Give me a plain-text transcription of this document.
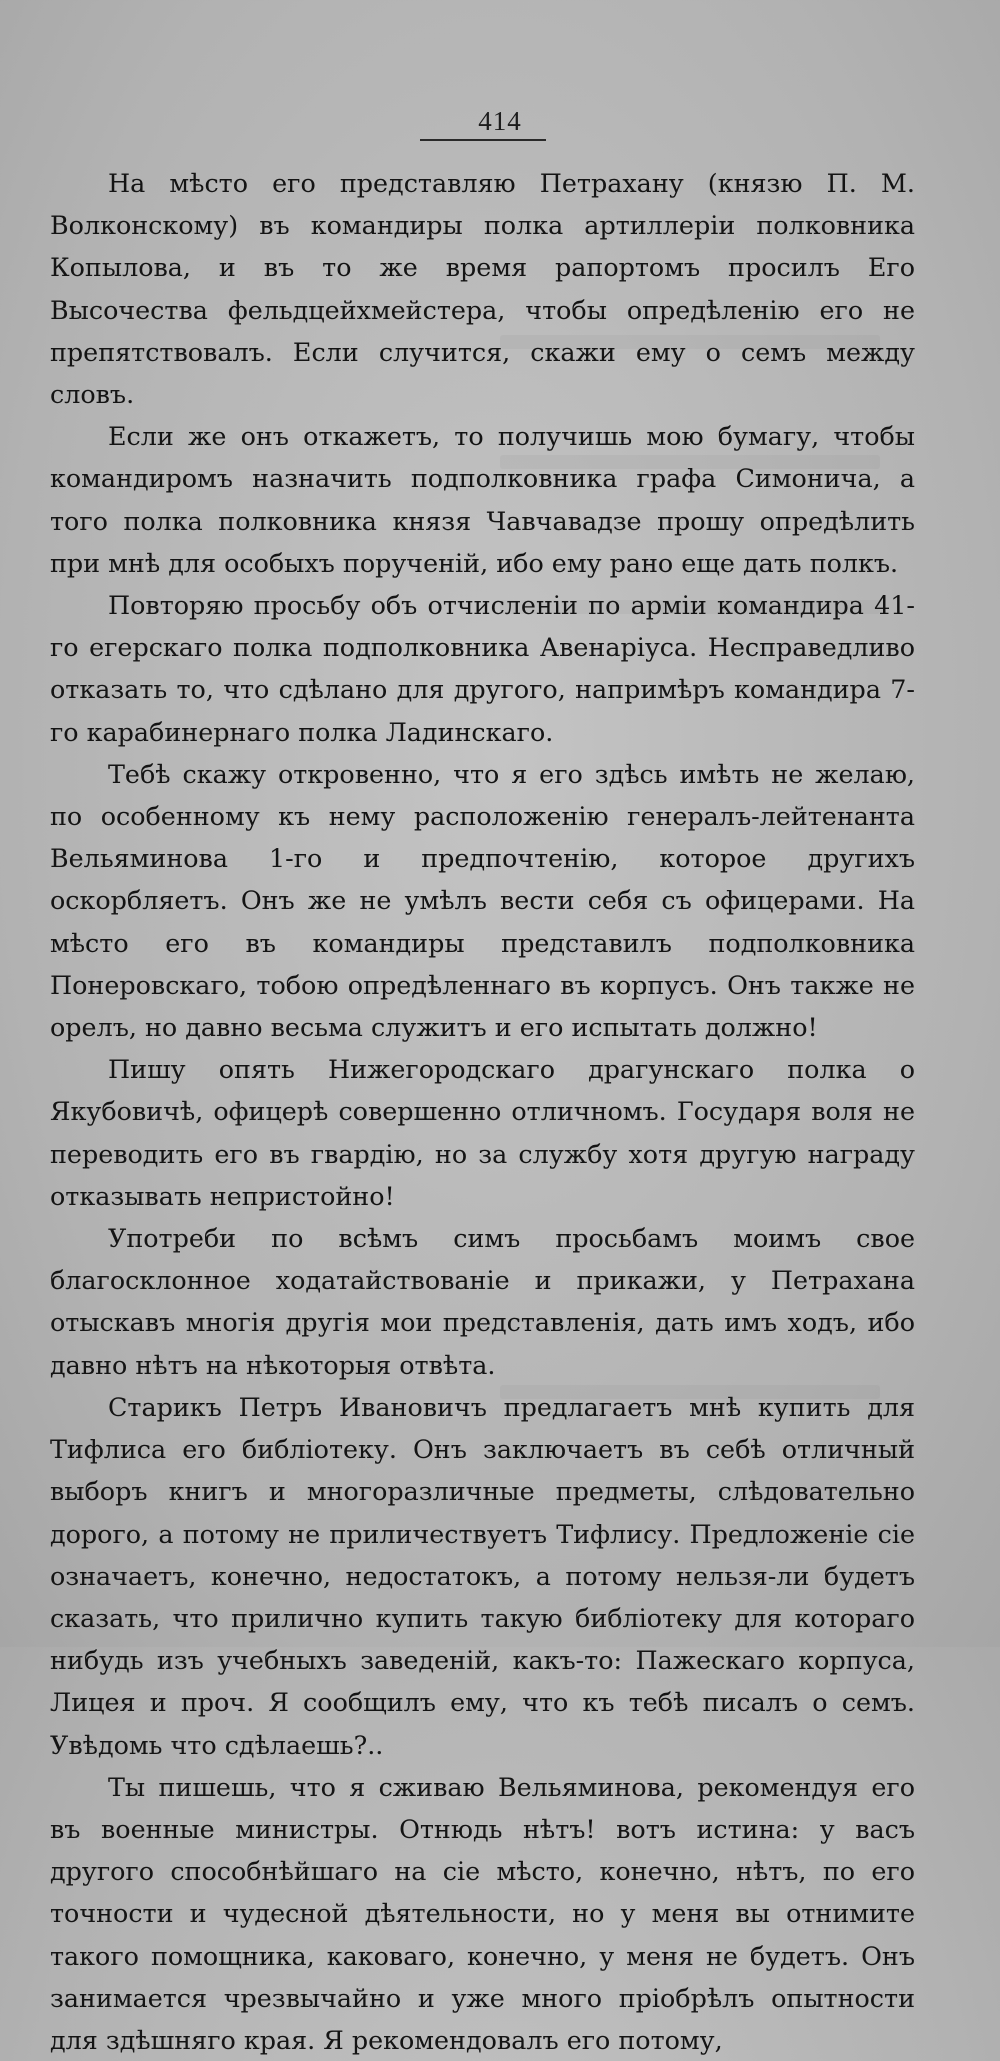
414

На мѣсто его представляю Петрахану (князю П. М. Волконскому) въ командиры полка артиллеріи полковника Копылова, и въ то же время рапортомъ просилъ Его Высочества фельдцейхмейстера, чтобы опредѣленію его не препятствовалъ. Если случится, скажи ему о семъ между словъ.

Если же онъ откажетъ, то получишь мою бумагу, чтобы командиромъ назначить подполковника графа Симонича, а того полка полковника князя Чавчавадзе прошу опредѣлить при мнѣ для особыхъ порученій, ибо ему рано еще дать полкъ.

Повторяю просьбу объ отчисленіи по арміи командира 41-го егерскаго полка подполковника Авенаріуса. Несправедливо отказать то, что сдѣлано для другого, напримѣръ командира 7-го карабинернаго полка Ладинскаго.

Тебѣ скажу откровенно, что я его здѣсь имѣть не желаю, по особенному къ нему расположенію генералъ-лейтенанта Вельяминова 1-го и предпочтенію, которое другихъ оскорбляетъ. Онъ же не умѣлъ вести себя съ офицерами. На мѣсто его въ командиры представилъ подполковника Понеровскаго, тобою опредѣленнаго въ корпусъ. Онъ также не орелъ, но давно весьма служитъ и его испытать должно!

Пишу опять Нижегородскаго драгунскаго полка о Якубовичѣ, офицерѣ совершенно отличномъ. Государя воля не переводить его въ гвардію, но за службу хотя другую награду отказывать непристойно!

Употреби по всѣмъ симъ просьбамъ моимъ свое благосклонное ходатайствованіе и прикажи, у Петрахана отыскавъ многія другія мои представленія, дать имъ ходъ, ибо давно нѣтъ на нѣкоторыя отвѣта.

Старикъ Петръ Ивановичъ предлагаетъ мнѣ купить для Тифлиса его библіотеку. Онъ заключаетъ въ себѣ отличный выборъ книгъ и многоразличные предметы, слѣдовательно дорого, а потому не приличествуетъ Тифлису. Предложеніе сіе означаетъ, конечно, недостатокъ, а потому нельзя-ли будетъ сказать, что прилично купить такую библіотеку для котораго нибудь изъ учебныхъ заведеній, какъ-то: Пажескаго корпуса, Лицея и проч. Я сообщилъ ему, что къ тебѣ писалъ о семъ. Увѣдомь что сдѣлаешь?..

Ты пишешь, что я сживаю Вельяминова, рекомендуя его въ военные министры. Отнюдь нѣтъ! вотъ истина: у васъ другого способнѣйшаго на сіе мѣсто, конечно, нѣтъ, по его точности и чудесной дѣятельности, но у меня вы отнимите такого помощника, каковаго, конечно, у меня не будетъ. Онъ занимается чрезвычайно и уже много пріобрѣлъ опытности для здѣшняго края. Я рекомендовалъ его потому,
